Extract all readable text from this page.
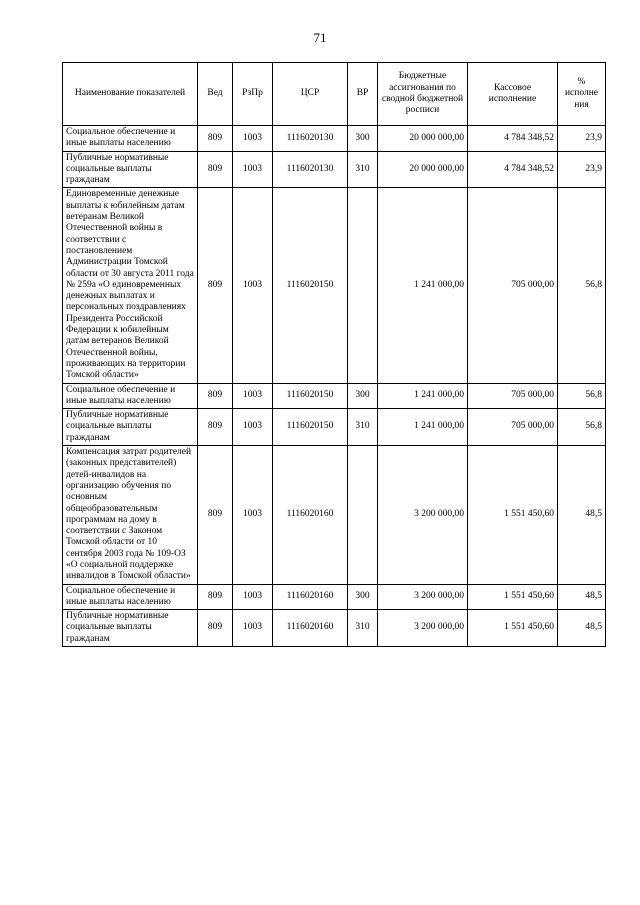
71
Наименование показателей	Вед	РзПр	ЦСР	ВР	Бюджетные ассигнования по сводной бюджетной росписи	Кассовое исполнение	% исполне ния
Социальное обеспечение и иные выплаты населению	809	1003	1116020130	300	20 000 000,00	4 784 348,52	23,9
Публичные нормативные социальные выплаты гражданам	809	1003	1116020130	310	20 000 000,00	4 784 348,52	23,9
Единовременные денежные выплаты к юбилейным датам ветеранам Великой Отечественной войны в соответствии с постановлением Администрации Томской области от 30 августа 2011 года № 259а «О единовременных денежных выплатах и персональных поздравлениях Президента Российской Федерации к юбилейным датам ветеранов Великой Отечественной войны, проживающих на территории Томской области»	809	1003	1116020150		1 241 000,00	705 000,00	56,8
Социальное обеспечение и иные выплаты населению	809	1003	1116020150	300	1 241 000,00	705 000,00	56,8
Публичные нормативные социальные выплаты гражданам	809	1003	1116020150	310	1 241 000,00	705 000,00	56,8
Компенсация затрат родителей (законных представителей) детей-инвалидов на организацию обучения по основным общеобразовательным программам на дому в соответствии с Законом Томской области от 10 сентября 2003 года № 109-ОЗ «О социальной поддержке инвалидов в Томской области»	809	1003	1116020160		3 200 000,00	1 551 450,60	48,5
Социальное обеспечение и иные выплаты населению	809	1003	1116020160	300	3 200 000,00	1 551 450,60	48,5
Публичные нормативные социальные выплаты гражданам	809	1003	1116020160	310	3 200 000,00	1 551 450,60	48,5
